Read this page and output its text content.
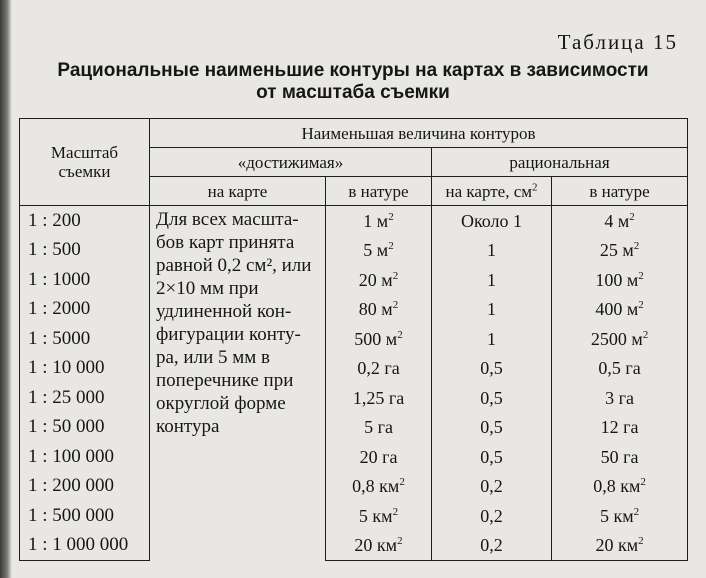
Таблица 15
Рациональные наименьшие контуры на картах в зависимости
от масштаба съемки
Масштаб
съемки	Наименьшая величина контуров			
	«достижимая»		рациональная	
	на карте	в натуре	на карте, $см^2$	в натуре
1 : 200	Для всех масшта-бов карт принята равной 0,2 см², или 2×10 мм при удлиненной кон-фигурации конту-ра, или 5 мм в поперечнике при округлой форме контура	1 $м^2$	Около 1	4 $м^2$
1 : 500		5 $м^2$	1	25 $м^2$
1 : 1000		20 $м^2$	1	100 $м^2$
1 : 2000		80 $м^2$	1	400 $м^2$
1 : 5000		500 $м^2$	1	2500 $м^2$
1 : 10 000		0,2 га	0,5	0,5 га
1 : 25 000		1,25 га	0,5	3 га
1 : 50 000		5 га	0,5	12 га
1 : 100 000		20 га	0,5	50 га
1 : 200 000		0,8 $км^2$	0,2	0,8 $км^2$
1 : 500 000		5 $км^2$	0,2	5 $км^2$
1 : 1 000 000		20 $км^2$	0,2	20 $км^2$
